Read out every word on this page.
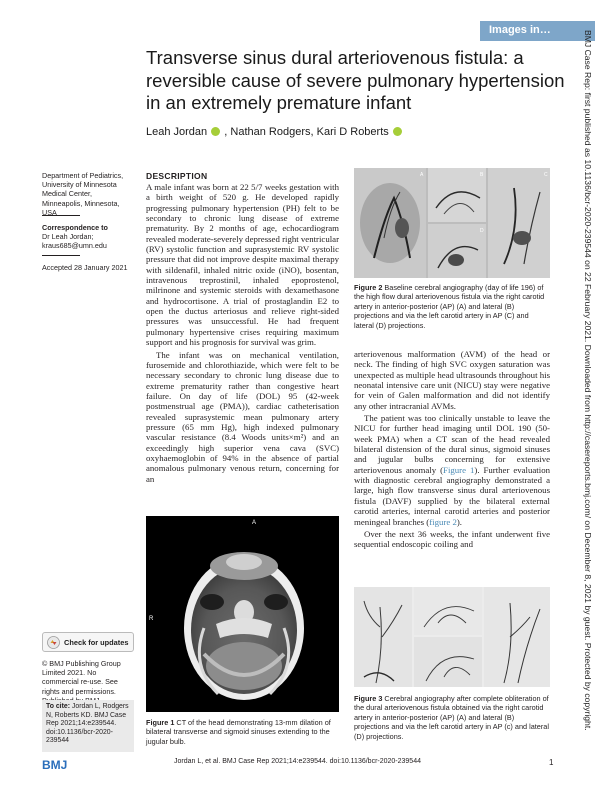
Images in…	BMJ Case Rep: first published as 10.1136/bcr-2020-239544 on 22 February 2021. Downloaded from http://casereports.bmj.com/ on December 8, 2021 by guest. Protected by copyright.
Transverse sinus dural arteriovenous fistula: a reversible cause of severe pulmonary hypertension in an extremely premature infant
Leah Jordan , Nathan Rodgers, Kari D Roberts
Department of Pediatrics, University of Minnesota Medical Center, Minneapolis, Minnesota, USA
Correspondence to
Dr Leah Jordan;
kraus685@umn.edu
Accepted 28 January 2021
Check for updates
© BMJ Publishing Group Limited 2021. No commercial re-use. See rights and permissions.
To cite: Jordan L, Rodgers N, Roberts KD. BMJ Case Rep 2021;14:e239544. doi:10.1136/bcr-2020-239544
BMJ
DESCRIPTION

A male infant was born at 22 5/7 weeks gestation with a birth weight of 520 g. He developed rapidly progressing pulmonary hypertension (PH) felt to be secondary to chronic lung disease of extreme prematurity. By 2 months of age, echocardiogram revealed moderate-severely depressed right ventricular (RV) systolic function and suprasystemic RV systolic pressure that did not improve despite maximal therapy with sildenafil, inhaled nitric oxide (iNO), bosentan, intravenous treprostinil, inhaled epoprostenol, milrinone and systemic steroids with dexamethasone and hydrocortisone. A trial of prostaglandin E2 to open the ductus arteriosus and relieve right-sided pressures was unsuccessful. He had frequent pulmonary hypertensive crises requiring maximum support and his prognosis for survival was grim.

The infant was on mechanical ventilation, furosemide and chlorothiazide, which were felt to be necessary secondary to chronic lung disease due to extreme prematurity rather than congestive heart failure. On day of life (DOL) 95 (42-week postmenstrual age (PMA)), cardiac catheterisation revealed suprasystemic mean pulmonary artery pressure (65 mm Hg), high indexed pulmonary vascular resistance (8.4 Woods units×m²) and an exceedingly high superior vena cava (SVC) oxyhaemoglobin of 94% in the absence of partial anomalous pulmonary venous return, concerning for an

A
R
Figure 1 CT of the head demonstrating 13-mm dilation of bilateral transverse and sigmoid sinuses extending to the jugular bulb.
A	B	C
D
Figure 2 Baseline cerebral angiography (day of life 196) of the high flow dural arteriovenous fistula via the right carotid artery in anterior-posterior (AP) (A) and lateral (B) projections and via the left carotid artery in AP (C) and lateral (D) projections.

arteriovenous malformation (AVM) of the head or neck. The finding of high SVC oxygen saturation was unexpected as multiple head ultrasounds throughout his neonatal intensive care unit (NICU) stay were negative for vein of Galen malformation and did not identify any other intracranial AVMs.

The patient was too clinically unstable to leave the NICU for further head imaging until DOL 190 (50-week PMA) when a CT scan of the head revealed bilateral distension of the dural sinus, sigmoid sinuses and jugular bulbs concerning for extensive arteriovenous anomaly (Figure 1). Further evaluation with diagnostic cerebral angiography demonstrated a large, high flow transverse sinus dural arteriovenous fistula (DAVF) supplied by the bilateral external carotid arteries, internal carotid arteries and posterior meningeal branches (figure 2).

Over the next 36 weeks, the infant underwent five sequential endoscopic coiling and

Figure 3 Cerebral angiography after complete obliteration of the dural arteriovenous fistula obtained via the right carotid artery in anterior-posterior (AP) (A) and lateral (B) projections and via the left carotid artery in AP (c) and lateral (D) projections.
Jordan L, et al. BMJ Case Rep 2021;14:e239544. doi:10.1136/bcr-2020-239544	1
